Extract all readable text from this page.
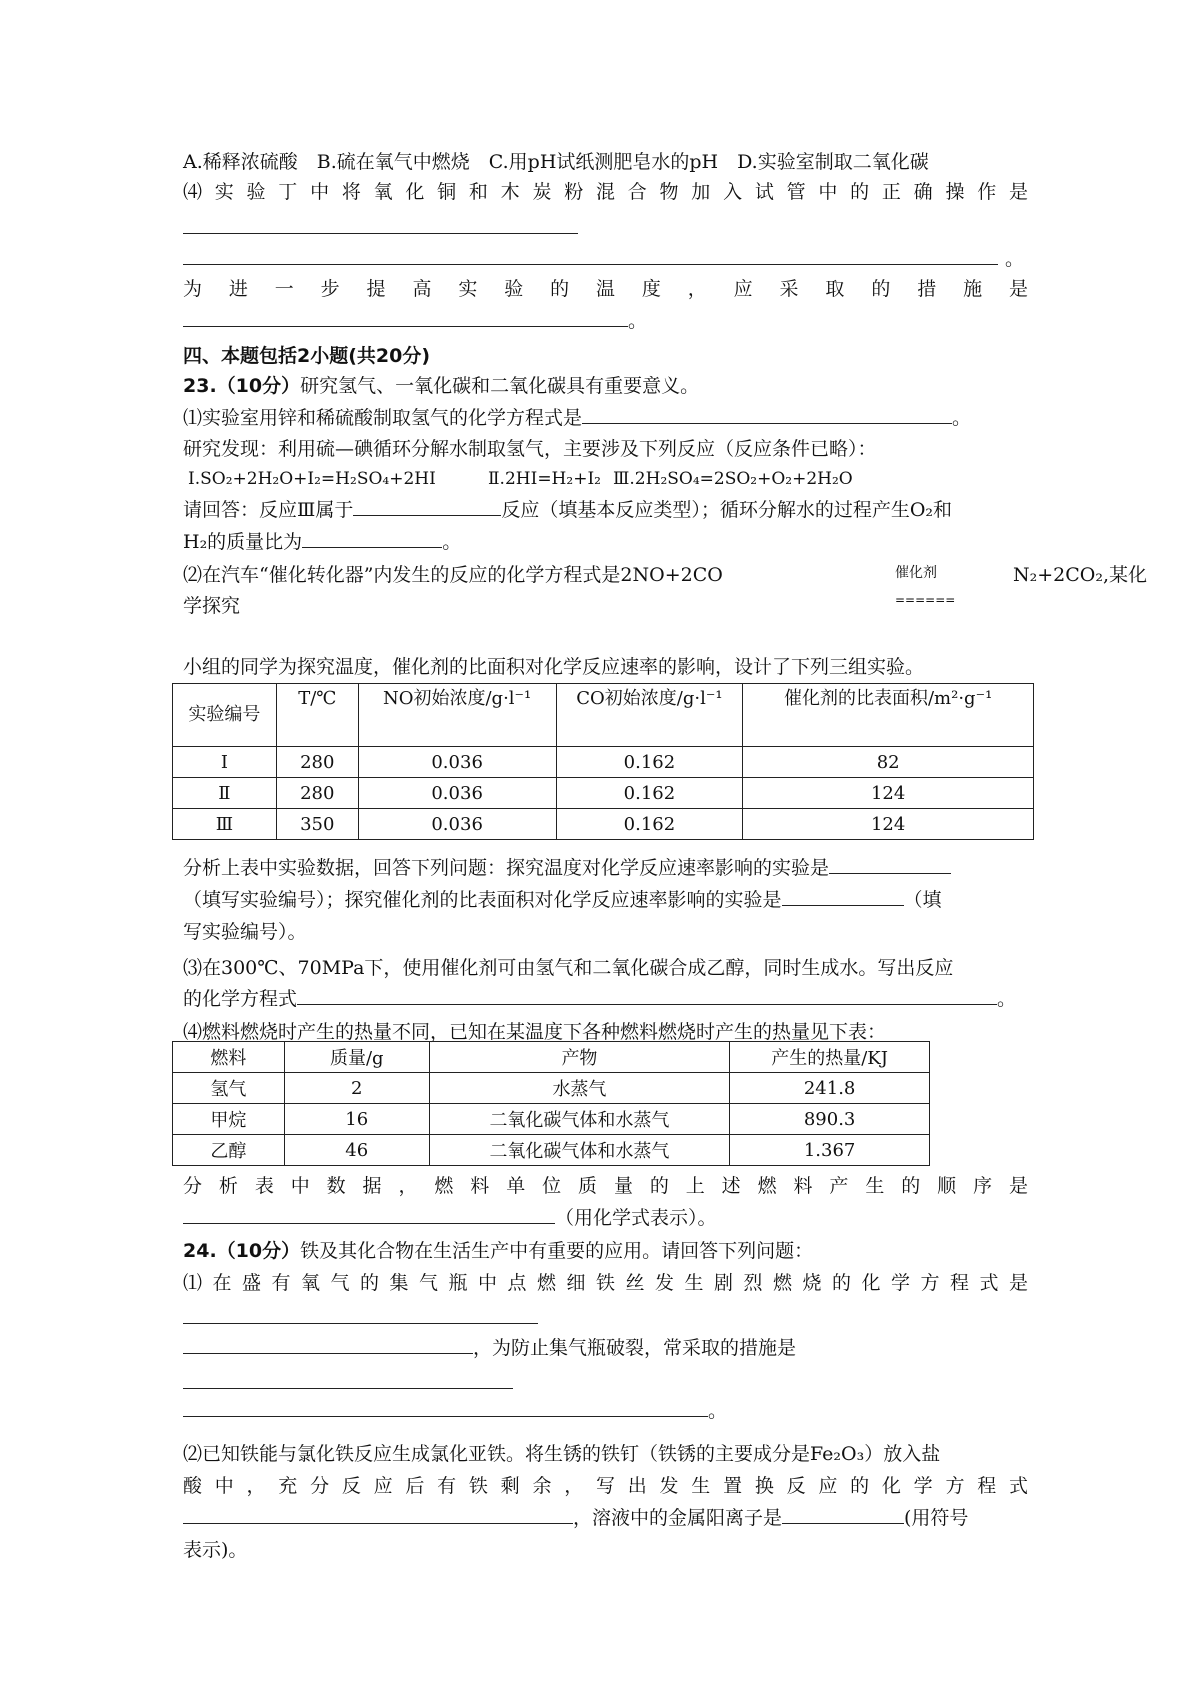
A.稀释浓硫酸　B.硫在氧气中燃烧　C.用pH试纸测肥皂水的pH　D.实验室制取二氧化碳
⑷实验丁中将氧化铜和木炭粉混合物加入试管中的正确操作是
。
为进一步提高实验的温度，应采取的措施是
。
四、本题包括2小题(共20分)
23.（10分）研究氢气、一氧化碳和二氧化碳具有重要意义。
⑴实验室用锌和稀硫酸制取氢气的化学方程式是	。
研究发现：利用硫—碘循环分解水制取氢气，主要涉及下列反应（反应条件已略）：
Ⅰ.SO₂+2H₂O+I₂=H₂SO₄+2HI	Ⅱ.2HI=H₂+I₂ Ⅲ.2H₂SO₄=2SO₂+O₂+2H₂O
请回答：反应Ⅲ属于	反应（填基本反应类型）；循环分解水的过程产生O₂和
H₂的质量比为	。
⑵在汽车“催化转化器”内发生的反应的化学方程式是2NO+2CO	催化剂
======
N₂+2CO₂,某化
学探究
小组的同学为探究温度，催化剂的比面积对化学反应速率的影响，设计了下列三组实验。
实验编号	T/℃	NO初始浓度/g·l⁻¹	CO初始浓度/g·l⁻¹	催化剂的比表面积/m²·g⁻¹
Ⅰ	280	0.036	0.162	82
Ⅱ	280	0.036	0.162	124
Ⅲ	350	0.036	0.162	124
分析上表中实验数据，回答下列问题：探究温度对化学反应速率影响的实验是
（填写实验编号）；探究催化剂的比表面积对化学反应速率影响的实验是	（填
写实验编号）。
⑶在300℃、70MPa下，使用催化剂可由氢气和二氧化碳合成乙醇，同时生成水。写出反应
的化学方程式	。
⑷燃料燃烧时产生的热量不同，已知在某温度下各种燃料燃烧时产生的热量见下表：
燃料	质量/g	产物	产生的热量/KJ
氢气	2	水蒸气	241.8
甲烷	16	二氧化碳气体和水蒸气	890.3
乙醇	46	二氧化碳气体和水蒸气	1.367
分析表中数据，燃料单位质量的上述燃料产生的顺序是
（用化学式表示）。
24.（10分）铁及其化合物在生活生产中有重要的应用。请回答下列问题：
⑴在盛有氧气的集气瓶中点燃细铁丝发生剧烈燃烧的化学方程式是
，为防止集气瓶破裂，常采取的措施是
。
⑵已知铁能与氯化铁反应生成氯化亚铁。将生锈的铁钉（铁锈的主要成分是Fe₂O₃）放入盐
酸中，充分反应后有铁剩余，写出发生置换反应的化学方程式
，溶液中的金属阳离子是	(用符号
表示)。
